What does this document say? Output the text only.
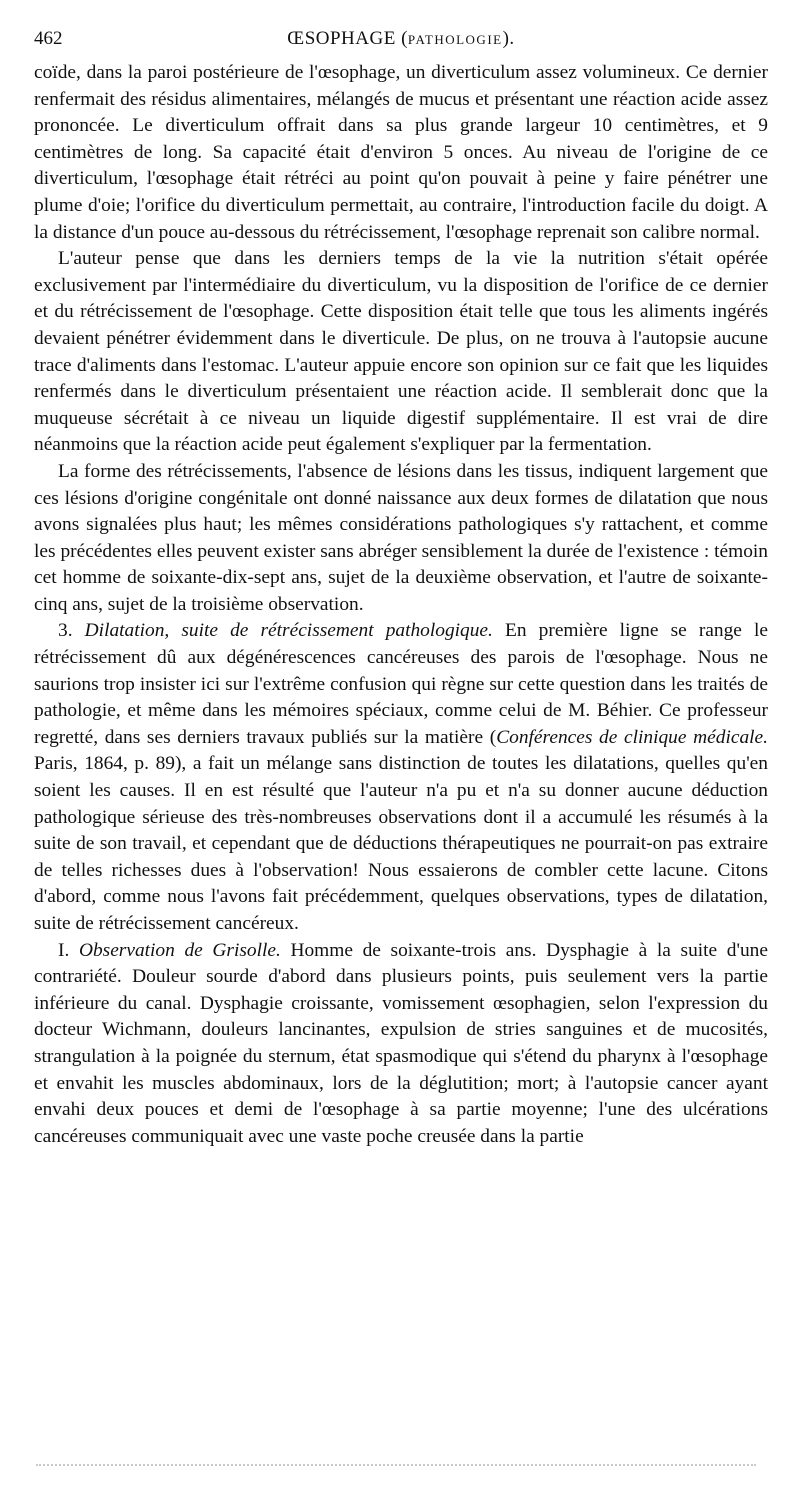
462	ŒSOPHAGE (PATHOLOGIE).

coïde, dans la paroi postérieure de l'œsophage, un diverticulum assez volumineux. Ce dernier renfermait des résidus alimentaires, mélangés de mucus et présentant une réaction acide assez prononcée. Le diverticulum offrait dans sa plus grande largeur 10 centimètres, et 9 centimètres de long. Sa capacité était d'environ 5 onces. Au niveau de l'origine de ce diverticulum, l'œsophage était rétréci au point qu'on pouvait à peine y faire pénétrer une plume d'oie; l'orifice du diverticulum permettait, au contraire, l'introduction facile du doigt. A la distance d'un pouce au-dessous du rétrécissement, l'œsophage reprenait son calibre normal.

L'auteur pense que dans les derniers temps de la vie la nutrition s'était opérée exclusivement par l'intermédiaire du diverticulum, vu la disposition de l'orifice de ce dernier et du rétrécissement de l'œsophage. Cette disposition était telle que tous les aliments ingérés devaient pénétrer évidemment dans le diverticule. De plus, on ne trouva à l'autopsie aucune trace d'aliments dans l'estomac. L'auteur appuie encore son opinion sur ce fait que les liquides renfermés dans le diverticulum présentaient une réaction acide. Il semblerait donc que la muqueuse sécrétait à ce niveau un liquide digestif supplémentaire. Il est vrai de dire néanmoins que la réaction acide peut également s'expliquer par la fermentation.

La forme des rétrécissements, l'absence de lésions dans les tissus, indiquent largement que ces lésions d'origine congénitale ont donné naissance aux deux formes de dilatation que nous avons signalées plus haut; les mêmes considérations pathologiques s'y rattachent, et comme les précédentes elles peuvent exister sans abréger sensiblement la durée de l'existence : témoin cet homme de soixante-dix-sept ans, sujet de la deuxième observation, et l'autre de soixante-cinq ans, sujet de la troisième observation.

3. Dilatation, suite de rétrécissement pathologique. En première ligne se range le rétrécissement dû aux dégénérescences cancéreuses des parois de l'œsophage. Nous ne saurions trop insister ici sur l'extrême confusion qui règne sur cette question dans les traités de pathologie, et même dans les mémoires spéciaux, comme celui de M. Béhier. Ce professeur regretté, dans ses derniers travaux publiés sur la matière (Conférences de clinique médicale. Paris, 1864, p. 89), a fait un mélange sans distinction de toutes les dilatations, quelles qu'en soient les causes. Il en est résulté que l'auteur n'a pu et n'a su donner aucune déduction pathologique sérieuse des très-nombreuses observations dont il a accumulé les résumés à la suite de son travail, et cependant que de déductions thérapeutiques ne pourrait-on pas extraire de telles richesses dues à l'observation! Nous essaierons de combler cette lacune. Citons d'abord, comme nous l'avons fait précédemment, quelques observations, types de dilatation, suite de rétrécissement cancéreux.

I. Observation de Grisolle. Homme de soixante-trois ans. Dysphagie à la suite d'une contrariété. Douleur sourde d'abord dans plusieurs points, puis seulement vers la partie inférieure du canal. Dysphagie croissante, vomissement œsophagien, selon l'expression du docteur Wichmann, douleurs lancinantes, expulsion de stries sanguines et de mucosités, strangulation à la poignée du sternum, état spasmodique qui s'étend du pharynx à l'œsophage et envahit les muscles abdominaux, lors de la déglutition; mort; à l'autopsie cancer ayant envahi deux pouces et demi de l'œsophage à sa partie moyenne; l'une des ulcérations cancéreuses communiquait avec une vaste poche creusée dans la partie
